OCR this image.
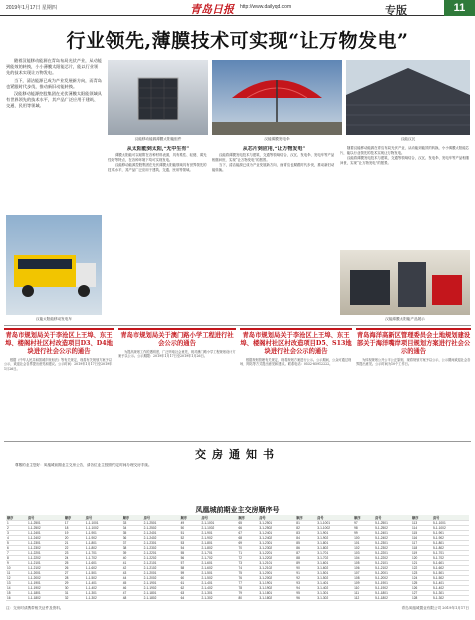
2019年1月17日 星期四	青岛日报 http://www.dailyqd.com	专版	11
行业领先,薄膜技术可实现“让万物发电”

随着汉能移动能源在青岛布局光伏产业，从动能到能效的转换，小小薄膜太阳能芯片，能以行业领先的技术实现让万物发电。

当下，清洁能源已成为产业发展新方向，而青岛也紧跟时代步伐，推动新旧动能转换。

汉能移动能源控股集团在光伏薄膜太阳能领域具有世界领先的技术水平，其产品广泛应用于建筑、交通、民用等领域。

汉能移动能源薄膜太阳能组件	汉能薄膜发电伞	汉能汉瓦
从太阳能到太阳,“无中生有”

薄膜太阳能可以贴附在各种材料表面，具有柔性、轻便、弱光性好等特点，在各种环境下均可实现发电。

汉能移动能源控股集团在光伏薄膜太阳能领域具有世界领先的技术水平，其产品广泛应用于建筑、交通、民用等领域。

从芯片到应用,“让万物发电”

汉能将薄膜发电技术与建筑、交通等领域结合，汉瓦、发电伞、发电车等产品相继问世，实现“让万物发电”的愿景。

当下，清洁能源已成为产业发展新方向，而青岛也紧跟时代步伐，推动新旧动能转换。

随着汉能移动能源在青岛布局光伏产业，从动能到能效的转换，小小薄膜太阳能芯片，能以行业领先的技术实现让万物发电。

汉能将薄膜发电技术与建筑、交通等领域结合，汉瓦、发电伞、发电车等产品相继问世，实现“让万物发电”的愿景。

汉能太阳能移动发电车	汉能薄膜太阳能产品展示
青岛市规划局关于李沧区上王埠、东王埠、楼阁村社区村改造项目D3、D4地块进行社会公示的通告

根据《中华人民共和国城乡规划法》等有关规定，现将有关规划方案予以公示，欢迎社会各界提出意见和建议。公示时间：2019年1月17日至2019年1月26日。

青岛市规划局关于澳门路小学工程进行社会公示的通告

为提高规划工作的透明度，广泛听取社会意见，现对澳门路小学工程规划设计方案予以公示。公示期限：2019年1月17日至2019年1月26日。

青岛市规划局关于李沧区上王埠、东王埠、楼阁村社区村改造项目D5、S13地块进行社会公示的通告

根据规划管理有关规定，现将规划方案进行公示。公示期间，公众可通过现场、网站等方式提出意见和建议。联系电话：0532-85912222。

青岛海洋高新区管理委员会土地规划建设部关于海洋嘴岸项目规划方案进行社会公示的通告

为体现规划公开公平公正原则，现将规划方案予以公示，公示期间欢迎社会各界提出意见。公示时间为10个工作日。

交房通知书

尊敬的业主您好：凤凰城前期业主交房公告，请各位业主按照约定时间办理交房手续。

凤凰城前期业主交房顺序号
顺序	房号	顺序	房号	顺序	房号	顺序	房号	顺序	房号	顺序	房号	顺序	房号	顺序	房号
1	1-1-2501	17	1-1-1001	33	2-1-2501	49	2-1-1001	65	3-1-2501	81	3-1-1001	97	5-1-2501	113	5-1-1001
2	1-1-2502	18	1-1-1002	34	2-1-2502	50	2-1-1002	66	3-1-2502	82	3-1-1002	98	5-1-2502	114	5-1-1002
3	1-1-2401	19	1-1-901	35	2-1-2401	51	2-1-901	67	3-1-2401	83	3-1-901	99	5-1-2401	115	5-1-901
4	1-1-2402	20	1-1-902	36	2-1-2402	52	2-1-902	68	3-1-2402	84	3-1-902	100	5-1-2402	116	5-1-902
5	1-1-2301	21	1-1-801	37	2-1-2301	53	2-1-801	69	3-1-2301	85	3-1-801	101	5-1-2301	117	5-1-801
6	1-1-2302	22	1-1-802	38	2-1-2302	54	2-1-802	70	3-1-2302	86	3-1-802	102	5-1-2302	118	5-1-802
7	1-1-2201	23	1-1-701	39	2-1-2201	55	2-1-701	71	3-1-2201	87	3-1-701	103	5-1-2201	119	5-1-701
8	1-1-2202	24	1-1-702	40	2-1-2202	56	2-1-702	72	3-1-2202	88	3-1-702	104	5-1-2202	120	5-1-702
9	1-1-2101	25	1-1-601	41	2-1-2101	57	2-1-601	73	3-1-2101	89	3-1-601	105	5-1-2101	121	5-1-601
10	1-1-2102	26	1-1-602	42	2-1-2102	58	2-1-602	74	3-1-2102	90	3-1-602	106	5-1-2102	122	5-1-602
11	1-1-2001	27	1-1-501	43	2-1-2001	59	2-1-501	75	3-1-2001	91	3-1-501	107	5-1-2001	123	5-1-501
12	1-1-2002	28	1-1-502	44	2-1-2002	60	2-1-502	76	3-1-2002	92	3-1-502	108	5-1-2002	124	5-1-502
13	1-1-1901	29	1-1-401	45	2-1-1901	61	2-1-401	77	3-1-1901	93	3-1-401	109	5-1-1901	125	5-1-401
14	1-1-1902	30	1-1-402	46	2-1-1902	62	2-1-402	78	3-1-1902	94	3-1-402	110	5-1-1902	126	5-1-402
15	1-1-1801	31	1-1-301	47	2-1-1801	63	2-1-301	79	3-1-1801	95	3-1-301	111	5-1-1801	127	5-1-301
16	1-1-1802	32	1-1-302	48	2-1-1802	64	2-1-302	80	3-1-1802	96	3-1-302	112	5-1-1802	128	5-1-302
注：交房时请携带相关证件及资料。	青岛凤凰城置业有限公司 2019年1月17日
